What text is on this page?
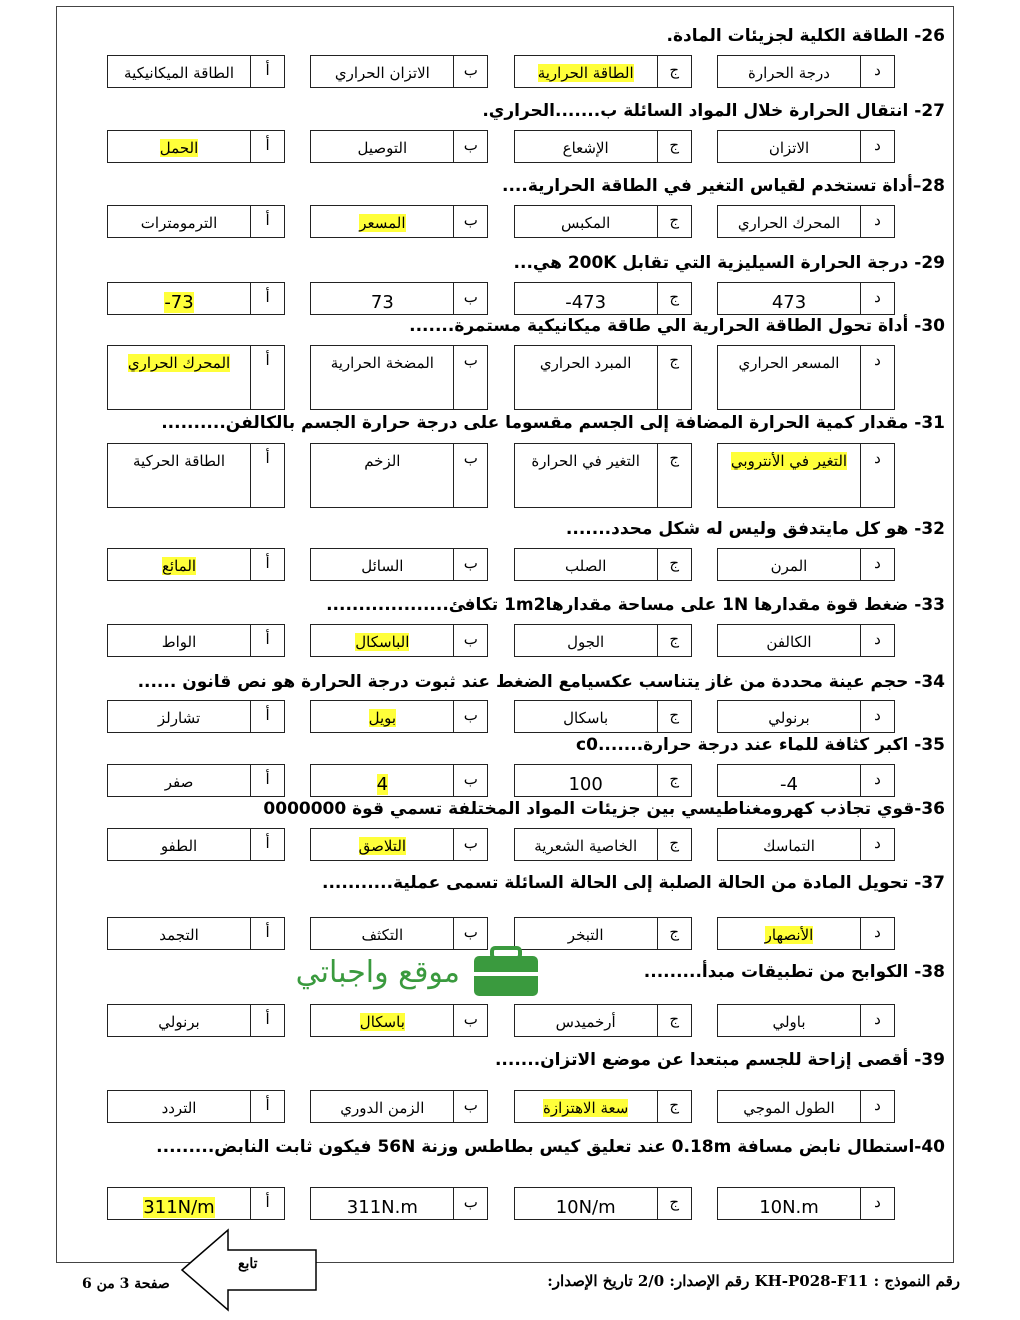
26- الطاقة الكلية لجزيئات المادة.
أ
الطاقة الميكانيكية	ب
الاتزان الحراري	ج
الطاقة الحرارية	د
درجة الحرارة
27- انتقال الحرارة خلال المواد السائلة ب.......الحراري.
أ
الحمل	ب
التوصيل	ج
الإشعاع	د
الاتزان
28–أداة تستخدم لقياس التغير في الطاقة الحرارية....
أ
الترمومترات	ب
المسعر	ج
المكبس	د
المحرك الحراري
29- درجة الحرارة السيليزية التي تقابل 200K هي...
أ
-73	ب
73	ج
-473	د
473
30- أداة تحول الطاقة الحرارية الي طاقة ميكانيكية مستمرة.......
أ
المحرك الحراري	ب
المضخة الحرارية	ج
المبرد الحراري	د
المسعر الحراري
31- مقدار كمية الحرارة المضافة إلى الجسم مقسوما على درجة حرارة الجسم بالكالفن..........
أ
الطاقة الحركية	ب
الزخم	ج
التغير في الحرارة	د
التغير في الأنتروبي
32- هو كل مايتدفق وليس له شكل محدد.......
أ
المائع	ب
السائل	ج
الصلب	د
المرن
33- ضغط قوة مقدارها 1N على مساحة مقدارها1m2 تكافئ...................
أ
الواط	ب
الباسكال	ج
الجول	د
الكالفن
34- حجم عينة محددة من غاز يتناسب عكسيامع الضغط عند ثبوت درجة الحرارة هو نص قانون ......
أ
تشارلز	ب
بويل	ج
باسكال	د
برنولي
35- اكبر كثافة للماء عند درجة حرارة.......c0
أ
صفر	ب
4	ج
100	د
-4
36-قوي تجاذب كهرومغناطيسي بين جزيئات المواد المختلفة تسمي قوة 0000000
أ
الطفو	ب
التلاصق	ج
الخاصية الشعرية	د
التماسك
37- تحويل المادة من الحالة الصلبة إلى الحالة السائلة تسمى عملية...........
أ
التجمد	ب
التكثف	ج
التبخر	د
الأنصهار
38- الكوابح من تطبيقات مبدأ.........
أ
برنولي	ب
باسكال	ج
أرخميدس	د
باولي
39- أقصى إزاحة للجسم مبتعدا عن موضع الاتزان.......
أ
التردد	ب
الزمن الدوري	ج
سعة الاهتزازة	د
الطول الموجي
40-استطال نابض مسافة 0.18m عند تعليق كيس بطاطس وزنة 56N فيكون ثابت النابض.........
أ
311N/m	ب
311N.m	ج
10N/m	د
10N.m
موقع واجباتي
تابع
رقم النموذج : KH-P028-F11 رقم الإصدار: 2/0 تاريخ الإصدار:
صفحة 3 من 6
